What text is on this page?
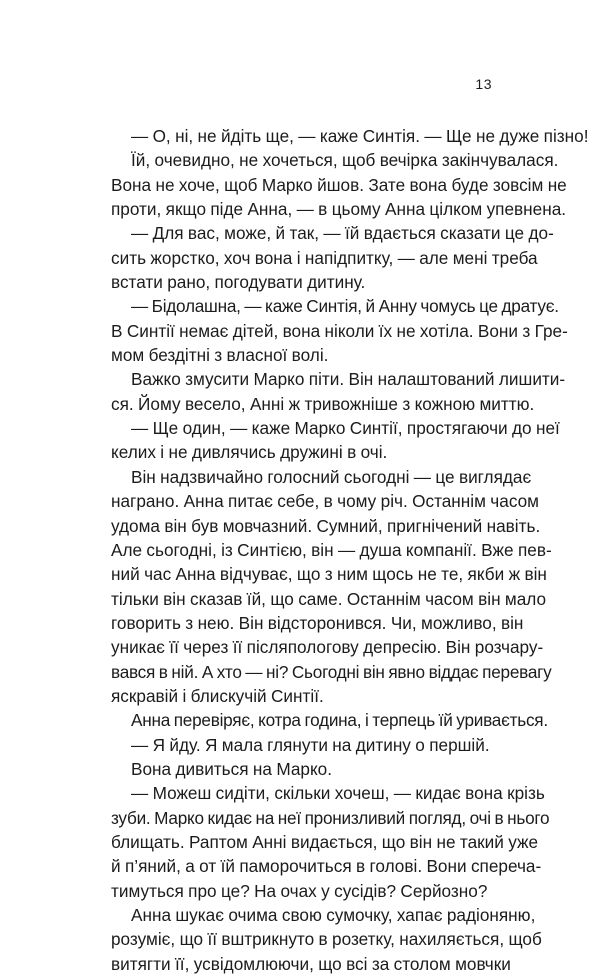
13
— О, ні, не йдіть ще, — каже Синтія. — Ще не дуже пізно!
Їй, очевидно, не хочеться, щоб вечірка закінчувалася.
Вона не хоче, щоб Марко йшов. Зате вона буде зовсім не
проти, якщо піде Анна, — в цьому Анна цілком упевнена.
— Для вас, може, й так, — їй вдається сказати це до-
сить жорстко, хоч вона і напідпитку, — але мені треба
встати рано, погодувати дитину.
— Бідолашна, — каже Синтія, й Анну чомусь це дратує.
В Синтії немає дітей, вона ніколи їх не хотіла. Вони з Гре-
мом бездітні з власної волі.
Важко змусити Марко піти. Він налаштований лишити-
ся. Йому весело, Анні ж тривожніше з кожною миттю.
— Ще один, — каже Марко Синтії, простягаючи до неї
келих і не дивлячись дружині в очі.
Він надзвичайно голосний сьогодні — це виглядає
награно. Анна питає себе, в чому річ. Останнім часом
удома він був мовчазний. Сумний, пригнічений навіть.
Але сьогодні, із Синтією, він — душа компанії. Вже пев-
ний час Анна відчуває, що з ним щось не те, якби ж він
тільки він сказав їй, що саме. Останнім часом він мало
говорить з нею. Він відсторонився. Чи, можливо, він
уникає її через її післяпологову депресію. Він розчару-
вався в ній. А хто — ні? Сьогодні він явно віддає перевагу
яскравій і блискучій Синтії.
Анна перевіряє, котра година, і терпець їй уривається.
— Я йду. Я мала глянути на дитину о першій.
Вона дивиться на Марко.
— Можеш сидіти, скільки хочеш, — кидає вона крізь
зуби. Марко кидає на неї пронизливий погляд, очі в нього
блищать. Раптом Анні видається, що він не такий уже
й п’яний, а от їй паморочиться в голові. Вони спереча-
тимуться про це? На очах у сусідів? Серйозно?
Анна шукає очима свою сумочку, хапає радіоняню,
розуміє, що її вштрикнуто в розетку, нахиляється, щоб
витягти її, усвідомлюючи, що всі за столом мовчки
